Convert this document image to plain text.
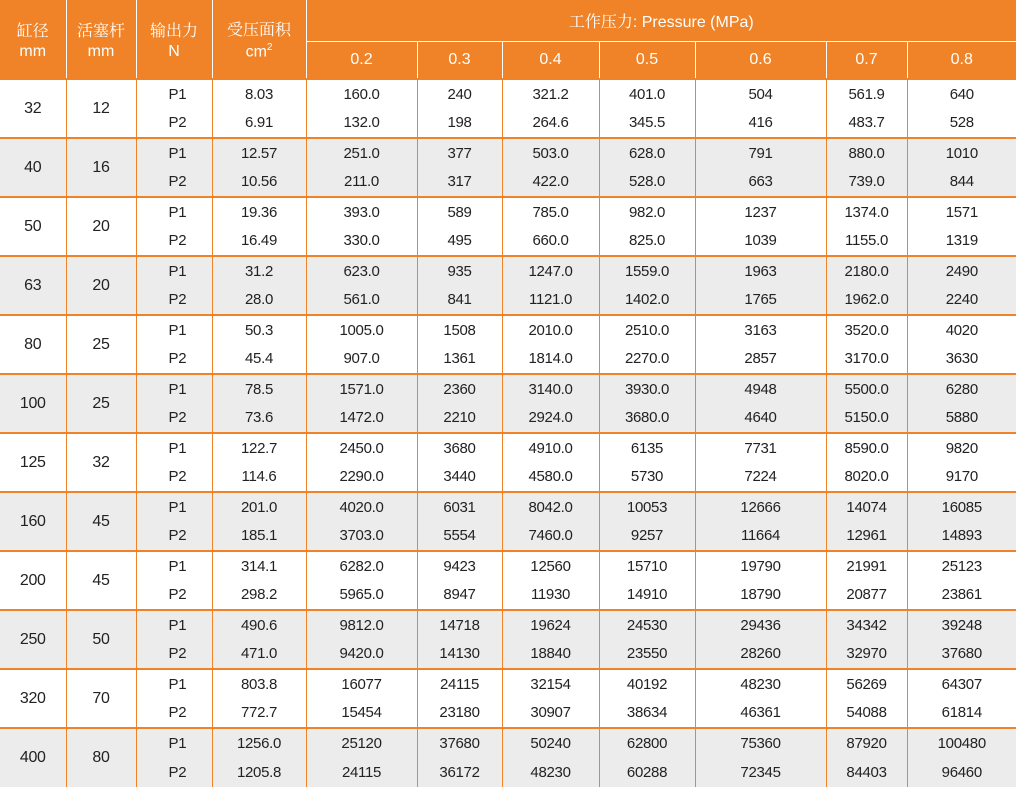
缸径
mm	活塞杆
mm	输出力
N		受压面积
$cm^2$	工作压力: Pressure (MPa)						
					0.2	0.3	0.4	0.5	0.6	0.7	0.8
32	12	P1		8.03	160.0	240	321.2	401.0	504	561.9	640
		P2		6.91	132.0	198	264.6	345.5	416	483.7	528
40	16	P1		12.57	251.0	377	503.0	628.0	791	880.0	1010
		P2		10.56	211.0	317	422.0	528.0	663	739.0	844
50	20	P1		19.36	393.0	589	785.0	982.0	1237	1374.0	1571
		P2		16.49	330.0	495	660.0	825.0	1039	1155.0	1319
63	20	P1		31.2	623.0	935	1247.0	1559.0	1963	2180.0	2490
		P2		28.0	561.0	841	1121.0	1402.0	1765	1962.0	2240
80	25	P1		50.3	1005.0	1508	2010.0	2510.0	3163	3520.0	4020
		P2		45.4	907.0	1361	1814.0	2270.0	2857	3170.0	3630
100	25	P1		78.5	1571.0	2360	3140.0	3930.0	4948	5500.0	6280
		P2		73.6	1472.0	2210	2924.0	3680.0	4640	5150.0	5880
125	32	P1		122.7	2450.0	3680	4910.0	6135	7731	8590.0	9820
		P2		114.6	2290.0	3440	4580.0	5730	7224	8020.0	9170
160	45	P1		201.0	4020.0	6031	8042.0	10053	12666	14074	16085
		P2		185.1	3703.0	5554	7460.0	9257	11664	12961	14893
200	45	P1		314.1	6282.0	9423	12560	15710	19790	21991	25123
		P2		298.2	5965.0	8947	11930	14910	18790	20877	23861
250	50	P1		490.6	9812.0	14718	19624	24530	29436	34342	39248
		P2		471.0	9420.0	14130	18840	23550	28260	32970	37680
320	70	P1		803.8	16077	24115	32154	40192	48230	56269	64307
		P2		772.7	15454	23180	30907	38634	46361	54088	61814
400	80	P1		1256.0	25120	37680	50240	62800	75360	87920	100480
		P2		1205.8	24115	36172	48230	60288	72345	84403	96460
